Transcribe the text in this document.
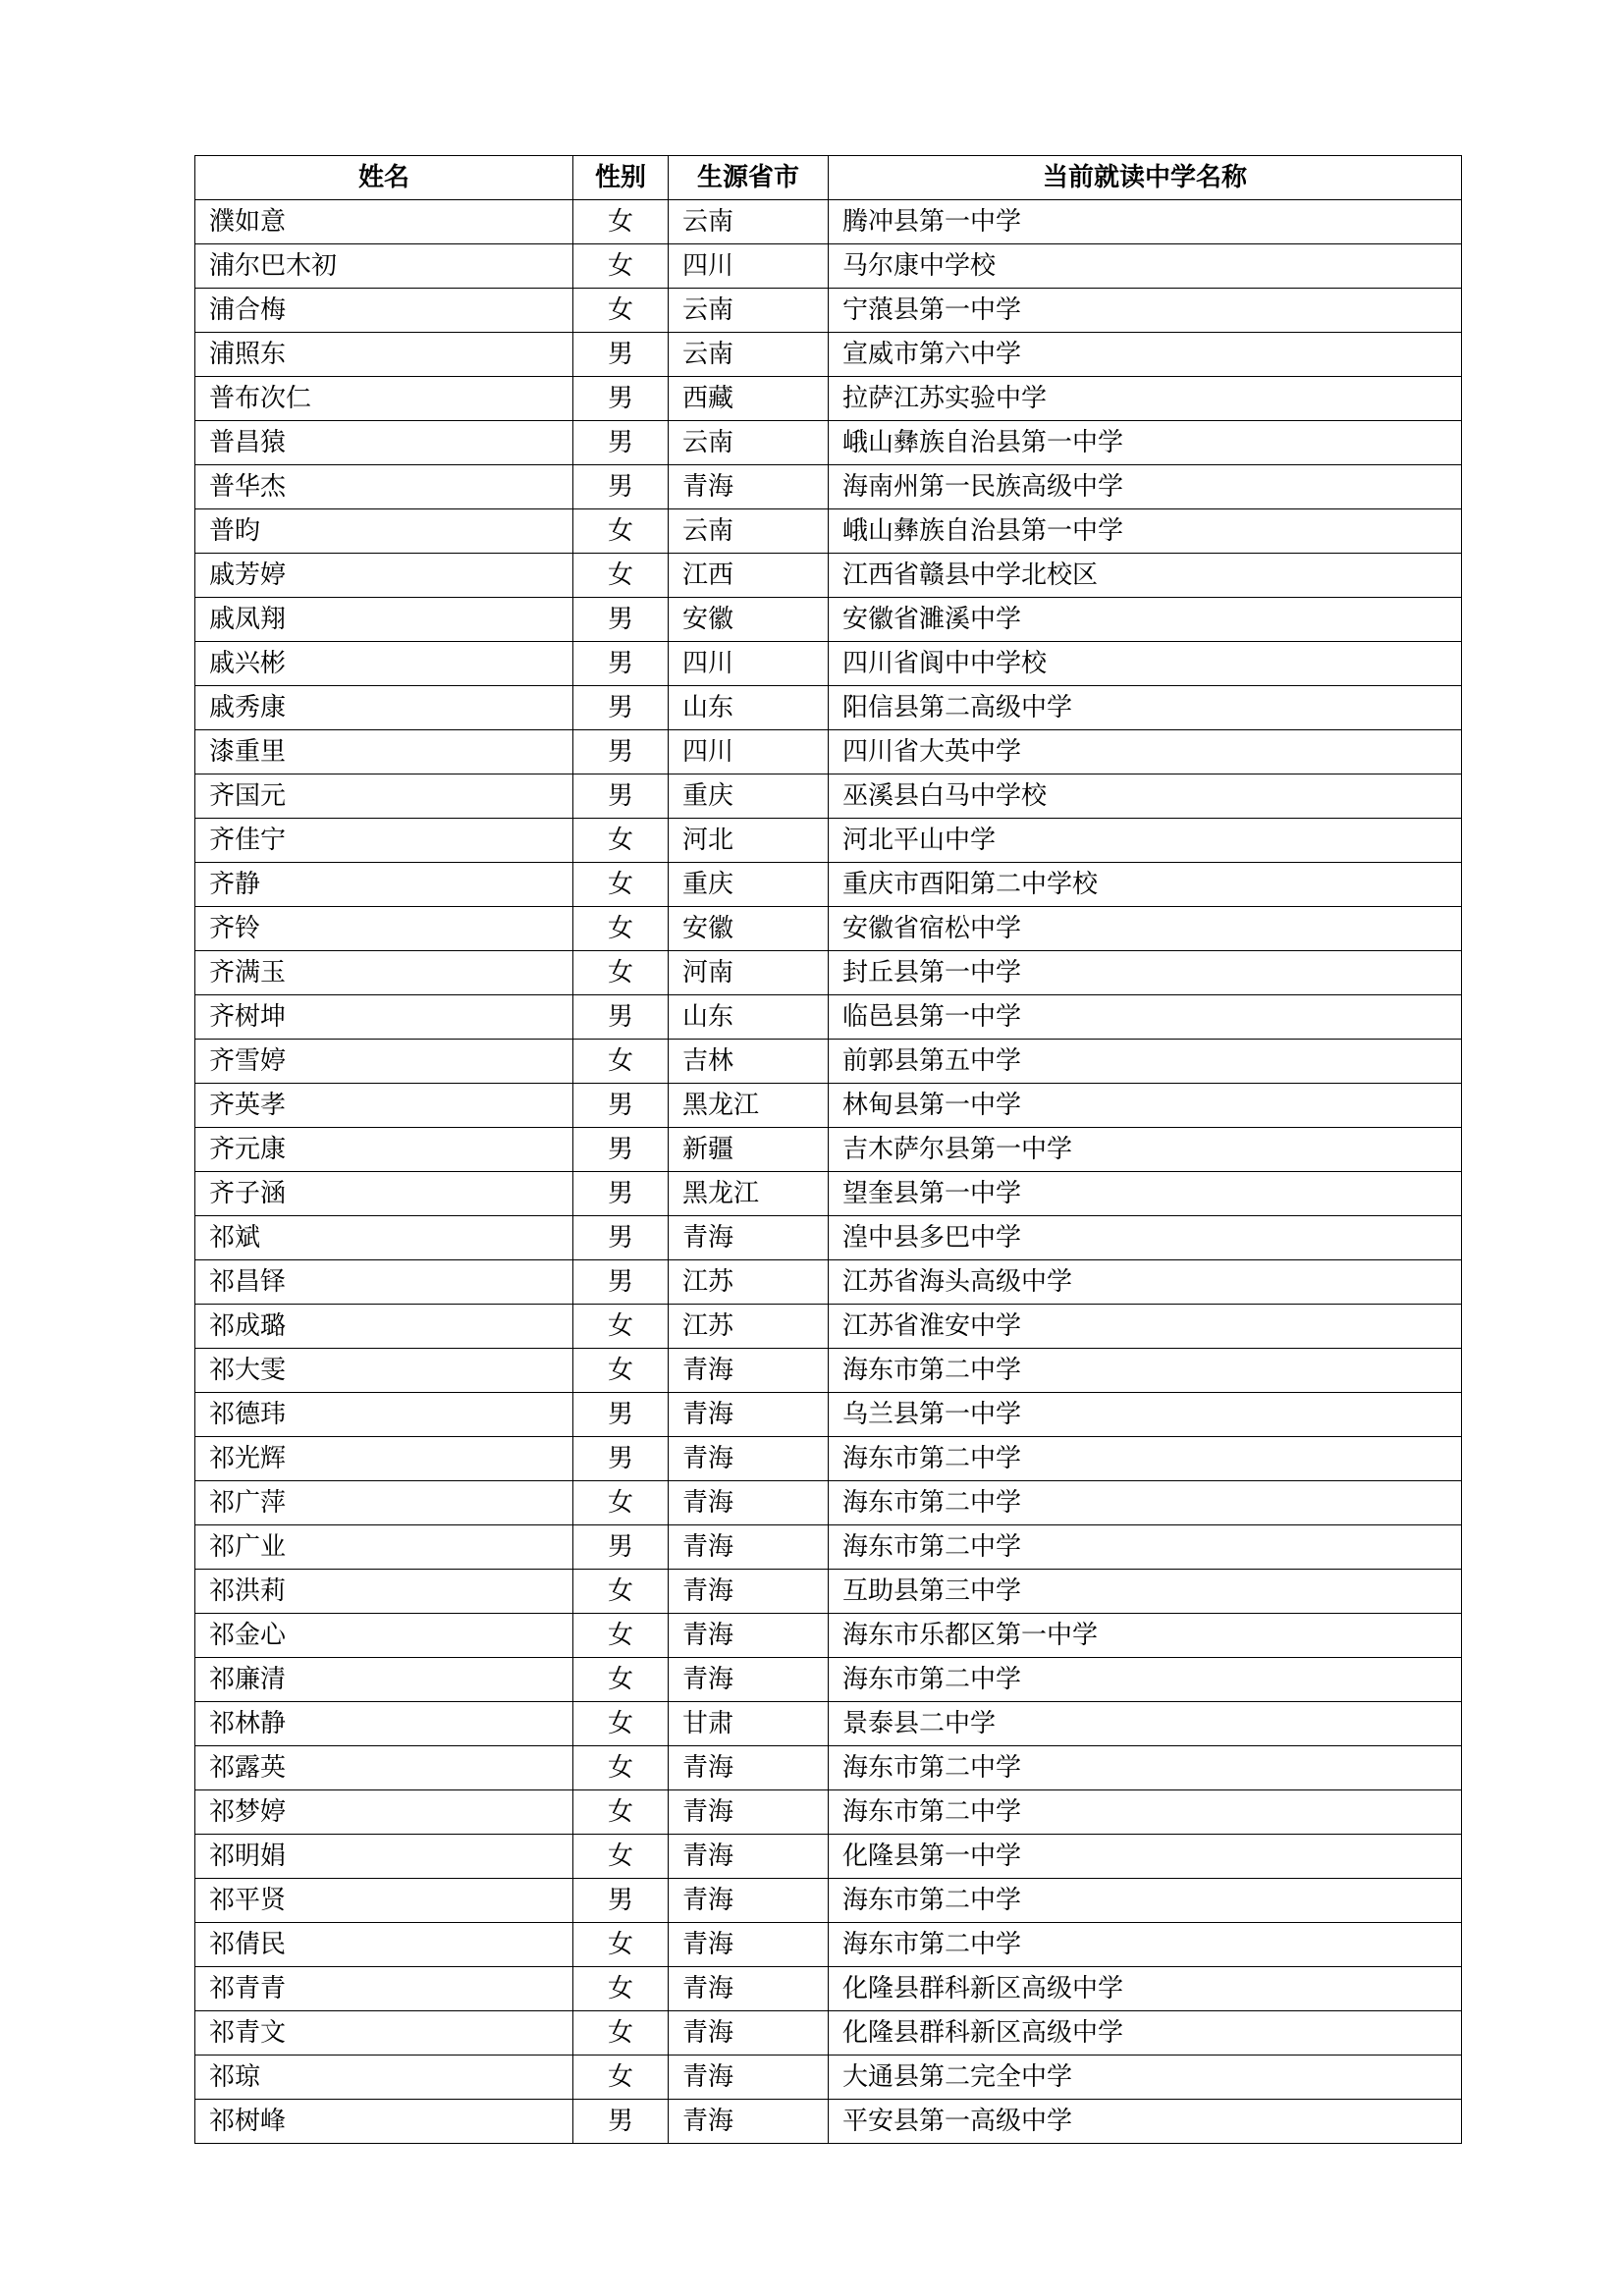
姓名	性别	生源省市	当前就读中学名称
濮如意	女	云南	腾冲县第一中学
浦尔巴木初	女	四川	马尔康中学校
浦合梅	女	云南	宁蒗县第一中学
浦照东	男	云南	宣威市第六中学
普布次仁	男	西藏	拉萨江苏实验中学
普昌猿	男	云南	峨山彝族自治县第一中学
普华杰	男	青海	海南州第一民族高级中学
普昀	女	云南	峨山彝族自治县第一中学
戚芳婷	女	江西	江西省赣县中学北校区
戚凤翔	男	安徽	安徽省濉溪中学
戚兴彬	男	四川	四川省阆中中学校
戚秀康	男	山东	阳信县第二高级中学
漆重里	男	四川	四川省大英中学
齐国元	男	重庆	巫溪县白马中学校
齐佳宁	女	河北	河北平山中学
齐静	女	重庆	重庆市酉阳第二中学校
齐铃	女	安徽	安徽省宿松中学
齐满玉	女	河南	封丘县第一中学
齐树坤	男	山东	临邑县第一中学
齐雪婷	女	吉林	前郭县第五中学
齐英孝	男	黑龙江	林甸县第一中学
齐元康	男	新疆	吉木萨尔县第一中学
齐子涵	男	黑龙江	望奎县第一中学
祁斌	男	青海	湟中县多巴中学
祁昌铎	男	江苏	江苏省海头高级中学
祁成璐	女	江苏	江苏省淮安中学
祁大雯	女	青海	海东市第二中学
祁德玮	男	青海	乌兰县第一中学
祁光辉	男	青海	海东市第二中学
祁广萍	女	青海	海东市第二中学
祁广业	男	青海	海东市第二中学
祁洪莉	女	青海	互助县第三中学
祁金心	女	青海	海东市乐都区第一中学
祁廉清	女	青海	海东市第二中学
祁林静	女	甘肃	景泰县二中学
祁露英	女	青海	海东市第二中学
祁梦婷	女	青海	海东市第二中学
祁明娟	女	青海	化隆县第一中学
祁平贤	男	青海	海东市第二中学
祁倩民	女	青海	海东市第二中学
祁青青	女	青海	化隆县群科新区高级中学
祁青文	女	青海	化隆县群科新区高级中学
祁琼	女	青海	大通县第二完全中学
祁树峰	男	青海	平安县第一高级中学
